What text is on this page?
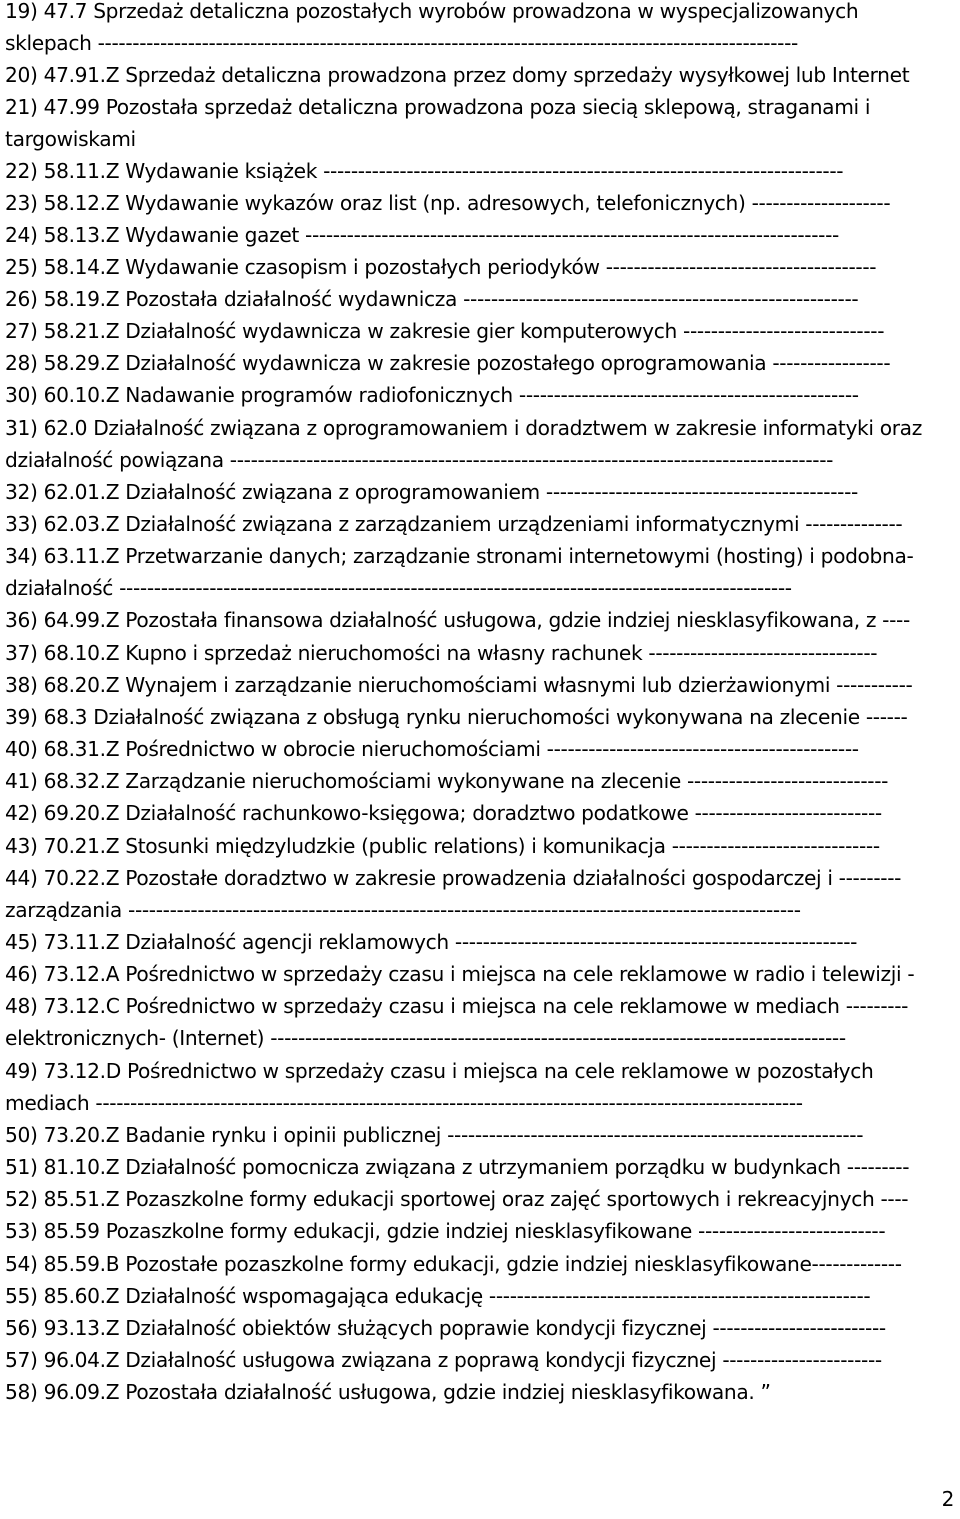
19) 47.7 Sprzedaż detaliczna pozostałych wyrobów prowadzona w wyspecjalizowanych
sklepach -----------------------------------------------------------------------------------------------------
20) 47.91.Z Sprzedaż detaliczna prowadzona przez domy sprzedaży wysyłkowej lub Internet
21) 47.99 Pozostała sprzedaż detaliczna prowadzona poza siecią sklepową, straganami i
targowiskami
22) 58.11.Z Wydawanie książek ---------------------------------------------------------------------------
23) 58.12.Z Wydawanie wykazów oraz list (np. adresowych, telefonicznych) --------------------
24) 58.13.Z Wydawanie gazet -----------------------------------------------------------------------------
25) 58.14.Z Wydawanie czasopism i pozostałych periodyków ---------------------------------------
26) 58.19.Z Pozostała działalność wydawnicza ---------------------------------------------------------
27) 58.21.Z Działalność wydawnicza w zakresie gier komputerowych -----------------------------
28) 58.29.Z Działalność wydawnicza w zakresie pozostałego oprogramowania -----------------
30) 60.10.Z Nadawanie programów radiofonicznych -------------------------------------------------
31) 62.0 Działalność związana z oprogramowaniem i doradztwem w zakresie informatyki oraz
działalność powiązana ---------------------------------------------------------------------------------------
32) 62.01.Z Działalność związana z oprogramowaniem ---------------------------------------------
33) 62.03.Z Działalność związana z zarządzaniem urządzeniami informatycznymi --------------
34) 63.11.Z Przetwarzanie danych; zarządzanie stronami internetowymi (hosting) i podobna-
działalność -------------------------------------------------------------------------------------------------
36) 64.99.Z Pozostała finansowa działalność usługowa, gdzie indziej niesklasyfikowana, z ----
37) 68.10.Z Kupno i sprzedaż nieruchomości na własny rachunek ---------------------------------
38) 68.20.Z Wynajem i zarządzanie nieruchomościami własnymi lub dzierżawionymi -----------
39) 68.3 Działalność związana z obsługą rynku nieruchomości wykonywana na zlecenie ------
40) 68.31.Z Pośrednictwo w obrocie nieruchomościami ---------------------------------------------
41) 68.32.Z Zarządzanie nieruchomościami wykonywane na zlecenie -----------------------------
42) 69.20.Z Działalność rachunkowo-księgowa; doradztwo podatkowe ---------------------------
43) 70.21.Z Stosunki międzyludzkie (public relations) i komunikacja ------------------------------
44) 70.22.Z Pozostałe doradztwo w zakresie prowadzenia działalności gospodarczej i ---------
zarządzania -------------------------------------------------------------------------------------------------
45) 73.11.Z Działalność agencji reklamowych ----------------------------------------------------------
46) 73.12.A Pośrednictwo w sprzedaży czasu i miejsca na cele reklamowe w radio i telewizji -
48) 73.12.C Pośrednictwo w sprzedaży czasu i miejsca na cele reklamowe w mediach ---------
elektronicznych- (Internet) -----------------------------------------------------------------------------------
49) 73.12.D Pośrednictwo w sprzedaży czasu i miejsca na cele reklamowe w pozostałych
mediach ------------------------------------------------------------------------------------------------------
50) 73.20.Z Badanie rynku i opinii publicznej ------------------------------------------------------------
51) 81.10.Z Działalność pomocnicza związana z utrzymaniem porządku w budynkach ---------
52) 85.51.Z Pozaszkolne formy edukacji sportowej oraz zajęć sportowych i rekreacyjnych ----
53) 85.59 Pozaszkolne formy edukacji, gdzie indziej niesklasyfikowane ---------------------------
54) 85.59.B Pozostałe pozaszkolne formy edukacji, gdzie indziej niesklasyfikowane-------------
55) 85.60.Z Działalność wspomagająca edukację -------------------------------------------------------
56) 93.13.Z Działalność obiektów służących poprawie kondycji fizycznej -------------------------
57) 96.04.Z Działalność usługowa związana z poprawą kondycji fizycznej -----------------------
58) 96.09.Z Pozostała działalność usługowa, gdzie indziej niesklasyfikowana. ”
2
